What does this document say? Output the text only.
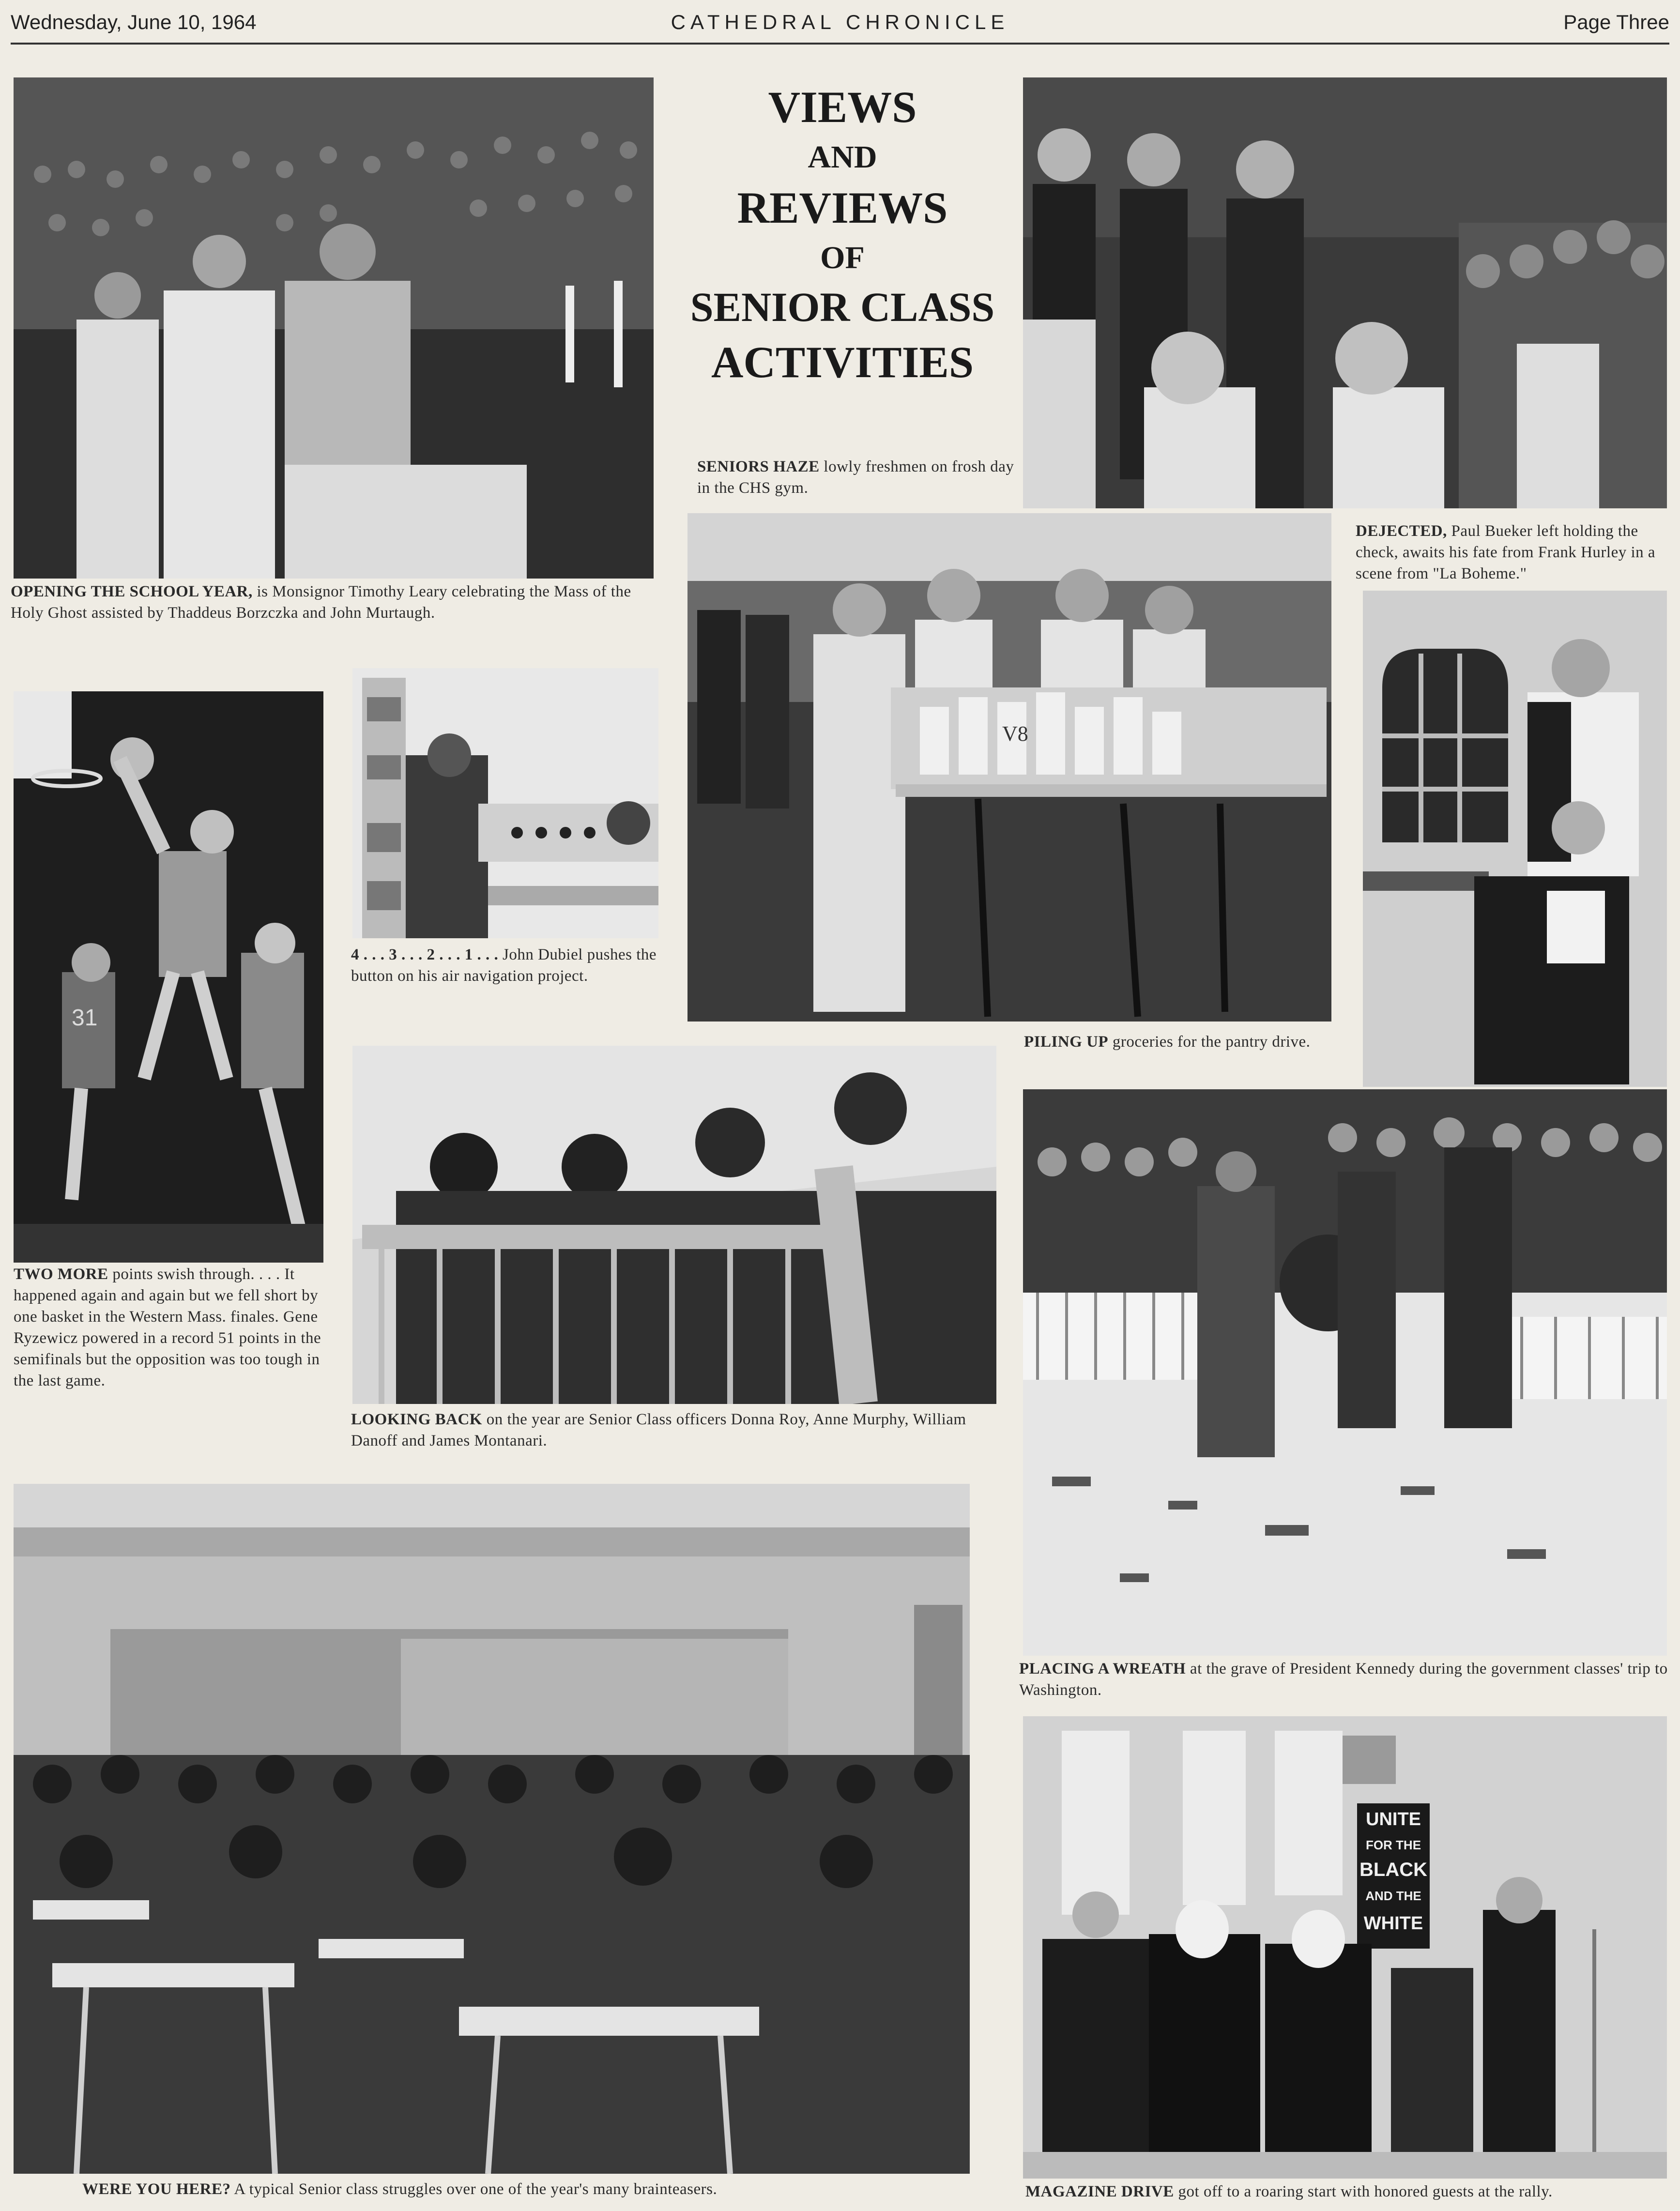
Wednesday, June 10, 1964	CATHEDRAL CHRONICLE	Page Three
VIEWS
AND
REVIEWS
OF
SENIOR CLASS
ACTIVITIES
OPENING THE SCHOOL YEAR, is Monsignor Timothy Leary celebrating the Mass of the Holy Ghost assisted by Thaddeus Borzczka and John Murtaugh.
SENIORS HAZE lowly freshmen on frosh day in the CHS gym.
DEJECTED, Paul Bueker left holding the check, awaits his fate from Frank Hurley in a scene from "La Boheme."
V8
31
TWO MORE points swish through. . . . It happened again and again but we fell short by one basket in the Western Mass. finales. Gene Ryzewicz powered in a record 51 points in the semifinals but the opposition was too tough in the last game.
4 . . . 3 . . . 2 . . . 1 . . . John Dubiel pushes the button on his air navigation project.
PILING UP groceries for the pantry drive.
LOOKING BACK on the year are Senior Class officers Donna Roy, Anne Murphy, William Danoff and James Montanari.
PLACING A WREATH at the grave of President Kennedy during the government classes' trip to Washington.
WERE YOU HERE? A typical Senior class struggles over one of the year's many brainteasers.
UNITE
FOR THE
BLACK
AND THE
WHITE
MAGAZINE DRIVE got off to a roaring start with honored guests at the rally.
